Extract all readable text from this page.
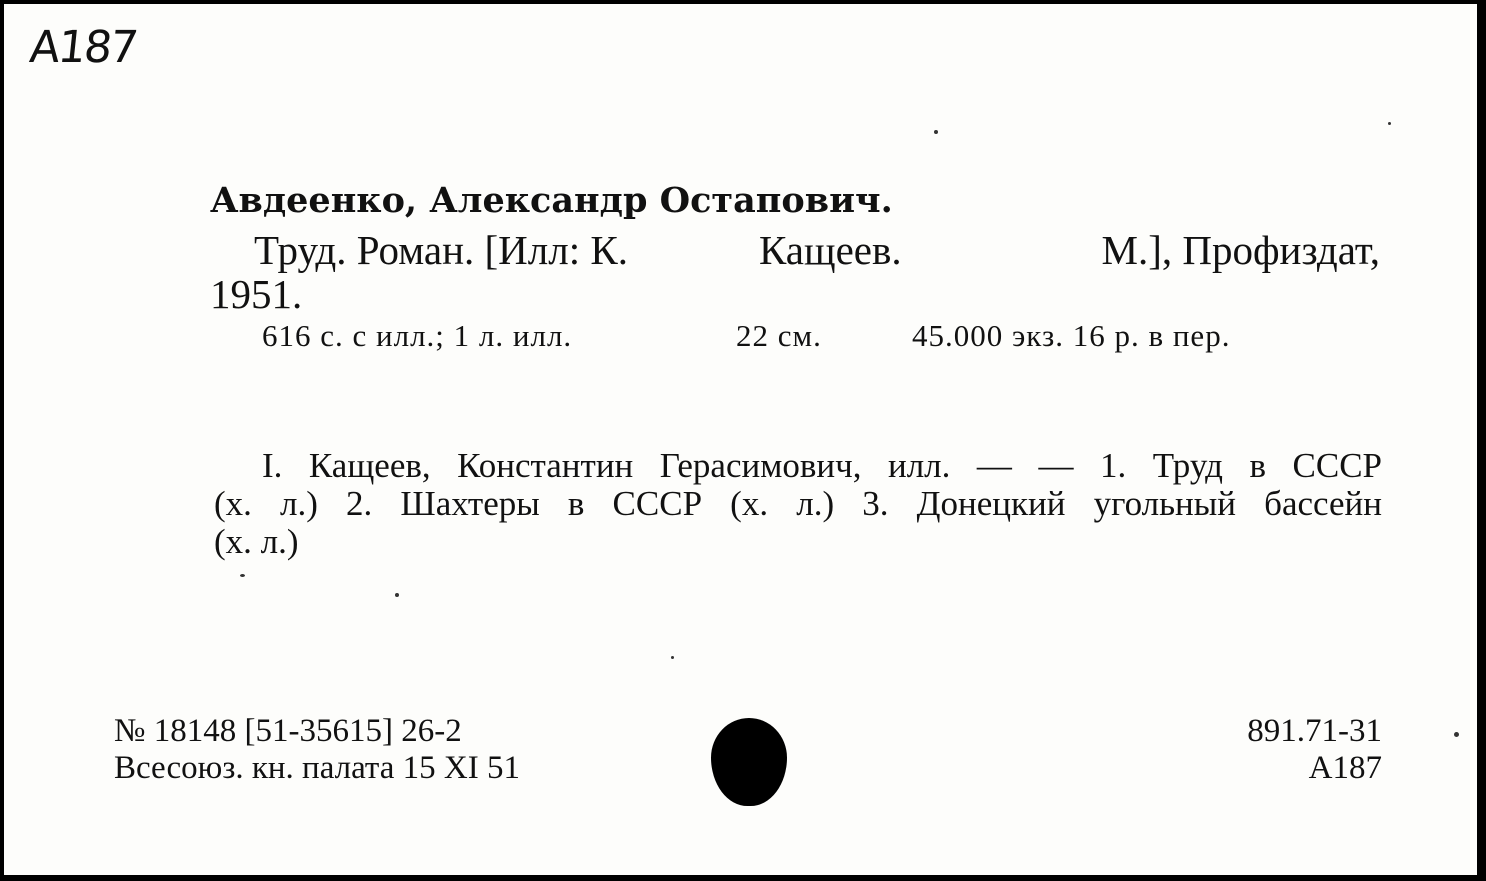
А187
Авдеенко, Александр Остапович.
Труд. Роман. [Илл: К.	Кащеев.	М.], Профиздат,
1951.
616 с. с илл.; 1 л. илл.	22 см.	45.000 экз. 16 р. в пер.
I. Кащеев, Константин Герасимович, илл. — — 1. Труд в СССР
(х. л.) 2. Шахтеры в СССР (х. л.) 3. Донецкий угольный бассейн
(х. л.)
№ 18148 [51-35615] 26-2
Всесоюз. кн. палата 15 XI 51
891.71-31
А187
